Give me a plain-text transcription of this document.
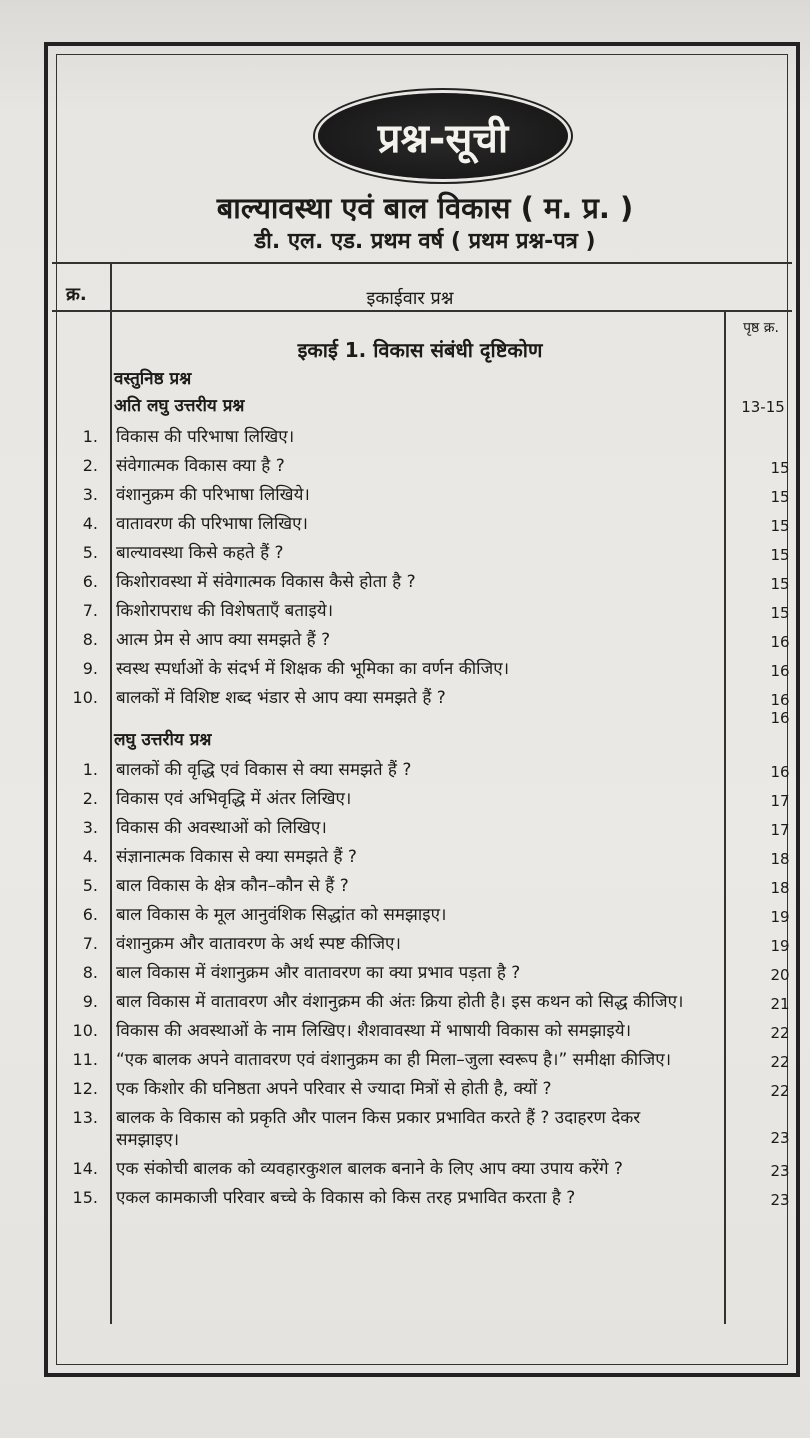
प्रश्न-सूची
बाल्यावस्था एवं बाल विकास ( म. प्र. )
डी. एल. एड. प्रथम वर्ष ( प्रथम प्रश्न-पत्र )
क्र.	इकाईवार प्रश्न
पृष्ठ क्र.
इकाई 1. विकास संबंधी दृष्टिकोण
वस्तुनिष्ठ प्रश्न
अति लघु उत्तरीय प्रश्न	13-15
1. विकास की परिभाषा लिखिए।
2. संवेगात्मक विकास क्या है ?	15
3. वंशानुक्रम की परिभाषा लिखिये।	15
4. वातावरण की परिभाषा लिखिए।	15
5. बाल्यावस्था किसे कहते हैं ?	15
6. किशोरावस्था में संवेगात्मक विकास कैसे होता है ?	15
7. किशोरापराध की विशेषताएँ बताइये।	15
8. आत्म प्रेम से आप क्या समझते हैं ?	16
9. स्वस्थ स्पर्धाओं के संदर्भ में शिक्षक की भूमिका का वर्णन कीजिए।	16
10. बालकों में विशिष्ट शब्द भंडार से आप क्या समझते हैं ?	16
16
लघु उत्तरीय प्रश्न
1. बालकों की वृद्धि एवं विकास से क्या समझते हैं ?	16
2. विकास एवं अभिवृद्धि में अंतर लिखिए।	17
3. विकास की अवस्थाओं को लिखिए।	17
4. संज्ञानात्मक विकास से क्या समझते हैं ?	18
5. बाल विकास के क्षेत्र कौन–कौन से हैं ?	18
6. बाल विकास के मूल आनुवंशिक सिद्धांत को समझाइए।	19
7. वंशानुक्रम और वातावरण के अर्थ स्पष्ट कीजिए।	19
8. बाल विकास में वंशानुक्रम और वातावरण का क्या प्रभाव पड़ता है ?	20
9. बाल विकास में वातावरण और वंशानुक्रम की अंतः क्रिया होती है। इस कथन को सिद्ध कीजिए।	21
10. विकास की अवस्थाओं के नाम लिखिए। शैशवावस्था में भाषायी विकास को समझाइये।	22
11. “एक बालक अपने वातावरण एवं वंशानुक्रम का ही मिला–जुला स्वरूप है।” समीक्षा कीजिए।	22
12. एक किशोर की घनिष्ठता अपने परिवार से ज्यादा मित्रों से होती है, क्यों ?	22
13. बालक के विकास को प्रकृति और पालन किस प्रकार प्रभावित करते हैं ? उदाहरण देकर समझाइए।	23
14. एक संकोची बालक को व्यवहारकुशल बालक बनाने के लिए आप क्या उपाय करेंगे ?	23
15. एकल कामकाजी परिवार बच्चे के विकास को किस तरह प्रभावित करता है ?	23
